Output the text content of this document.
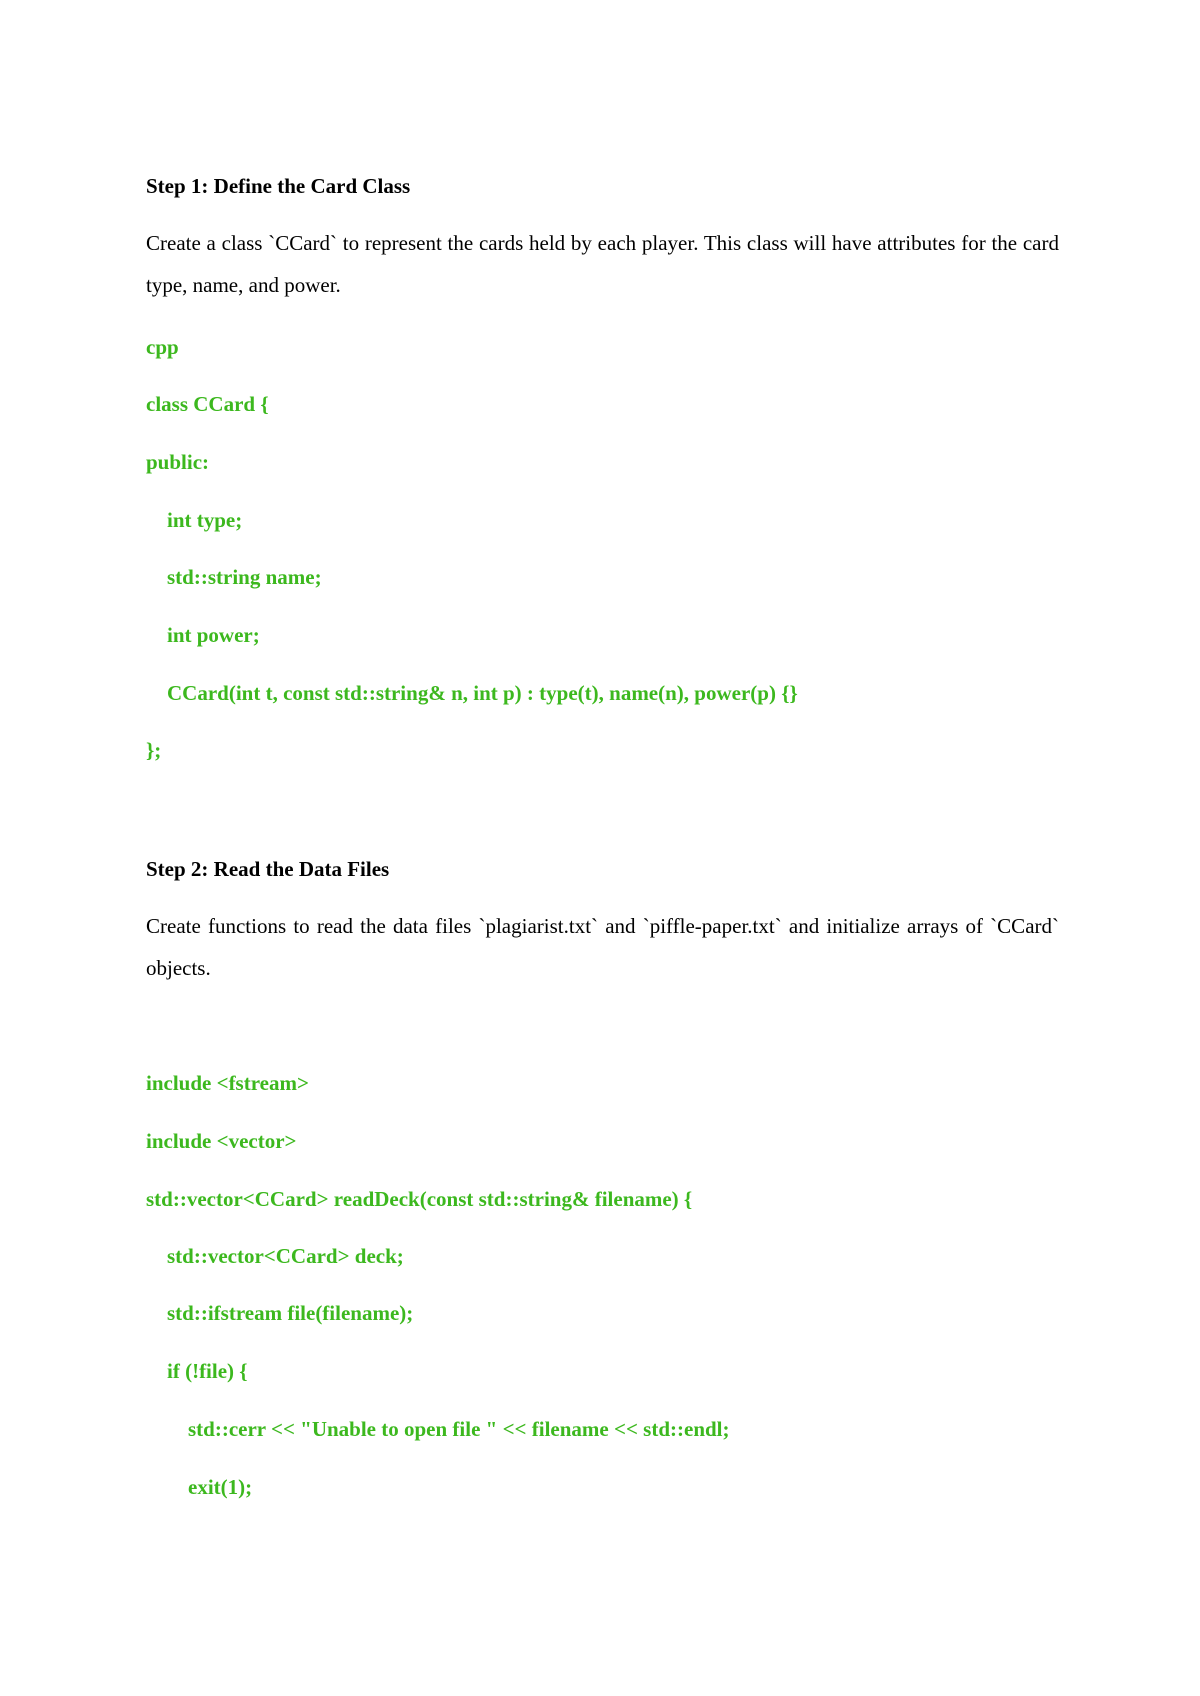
Step 1: Define the Card Class
Create a class `CCard` to represent the cards held by each player. This class will have attributes for the card type, name, and power.
cpp
class CCard {
public:
int type;
std::string name;
int power;
CCard(int t, const std::string& n, int p) : type(t), name(n), power(p) {}
};
Step 2: Read the Data Files
Create functions to read the data files `plagiarist.txt` and `piffle-paper.txt` and initialize arrays of `CCard` objects.
include <fstream>
include <vector>
std::vector<CCard> readDeck(const std::string& filename) {
std::vector<CCard> deck;
std::ifstream file(filename);
if (!file) {
std::cerr << "Unable to open file " << filename << std::endl;
exit(1);
